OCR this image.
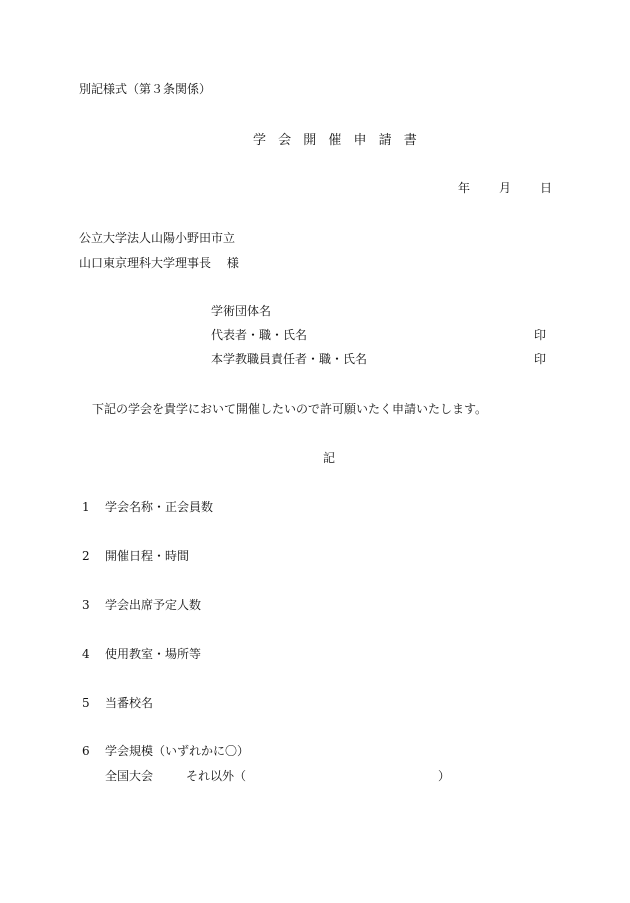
別記様式（第３条関係）
学 会 開 催 申 請 書
年 月 日
公立大学法人山陽小野田市立
山口東京理科大学理事長　 様
学術団体名
代表者・職・氏名	印
本学教職員責任者・職・氏名	印
下記の学会を貴学において開催したいので許可願いたく申請いたします。
記
1 学会名称・正会員数
2 開催日程・時間
3 学会出席予定人数
4 使用教室・場所等
5 当番校名
6 学会規模（いずれかに〇）
全国大会	それ以外（	）
